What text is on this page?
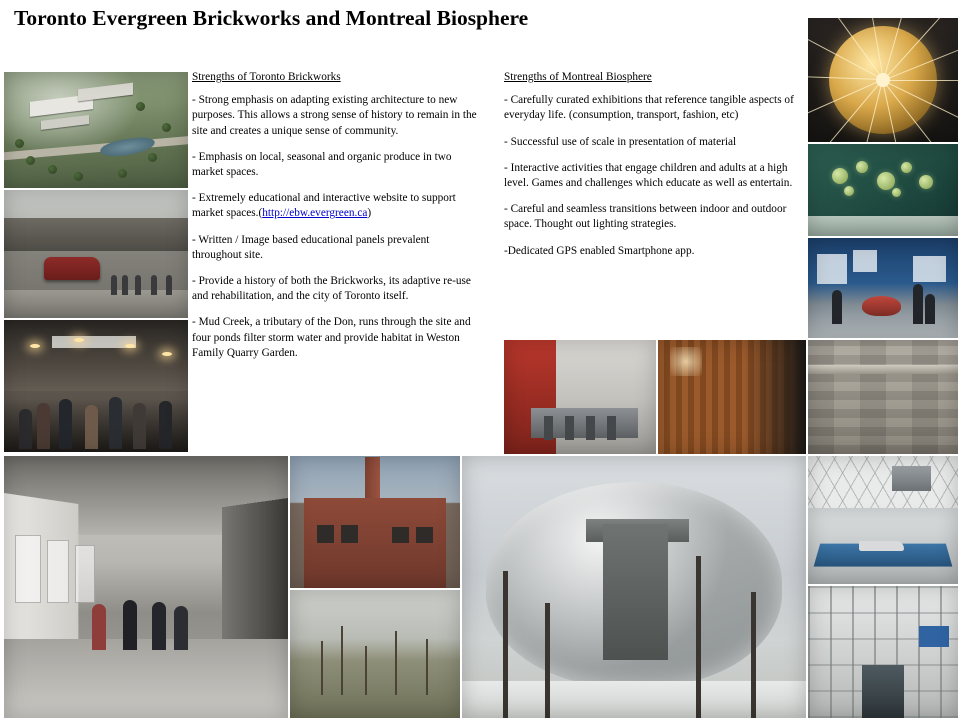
Toronto Evergreen Brickworks and Montreal Biosphere
Strengths of Toronto Brickworks

- Strong emphasis on adapting existing architecture to new purposes. This allows a strong sense of history to remain in the site and creates a unique sense of community.

- Emphasis on local, seasonal and organic produce in two market spaces.

- Extremely educational and interactive website to support market spaces.(http://ebw.evergreen.ca)

- Written / Image based educational panels prevalent throughout site.

- Provide a history of both the Brickworks, its adaptive re-use and rehabilitation, and the city of Toronto itself.

- Mud Creek, a tributary of the Don, runs through the site and four ponds filter storm water and provide habitat in Weston Family Quarry Garden.

Strengths of Montreal Biosphere

- Carefully curated exhibitions that reference tangible aspects of everyday life. (consumption, transport, fashion, etc)

- Successful use of scale in presentation of material

- Interactive activities that engage children and adults at a high level. Games and challenges which educate as well as entertain.

- Careful and seamless transitions between indoor and outdoor space. Thought out lighting strategies.

-Dedicated GPS enabled Smartphone app.
